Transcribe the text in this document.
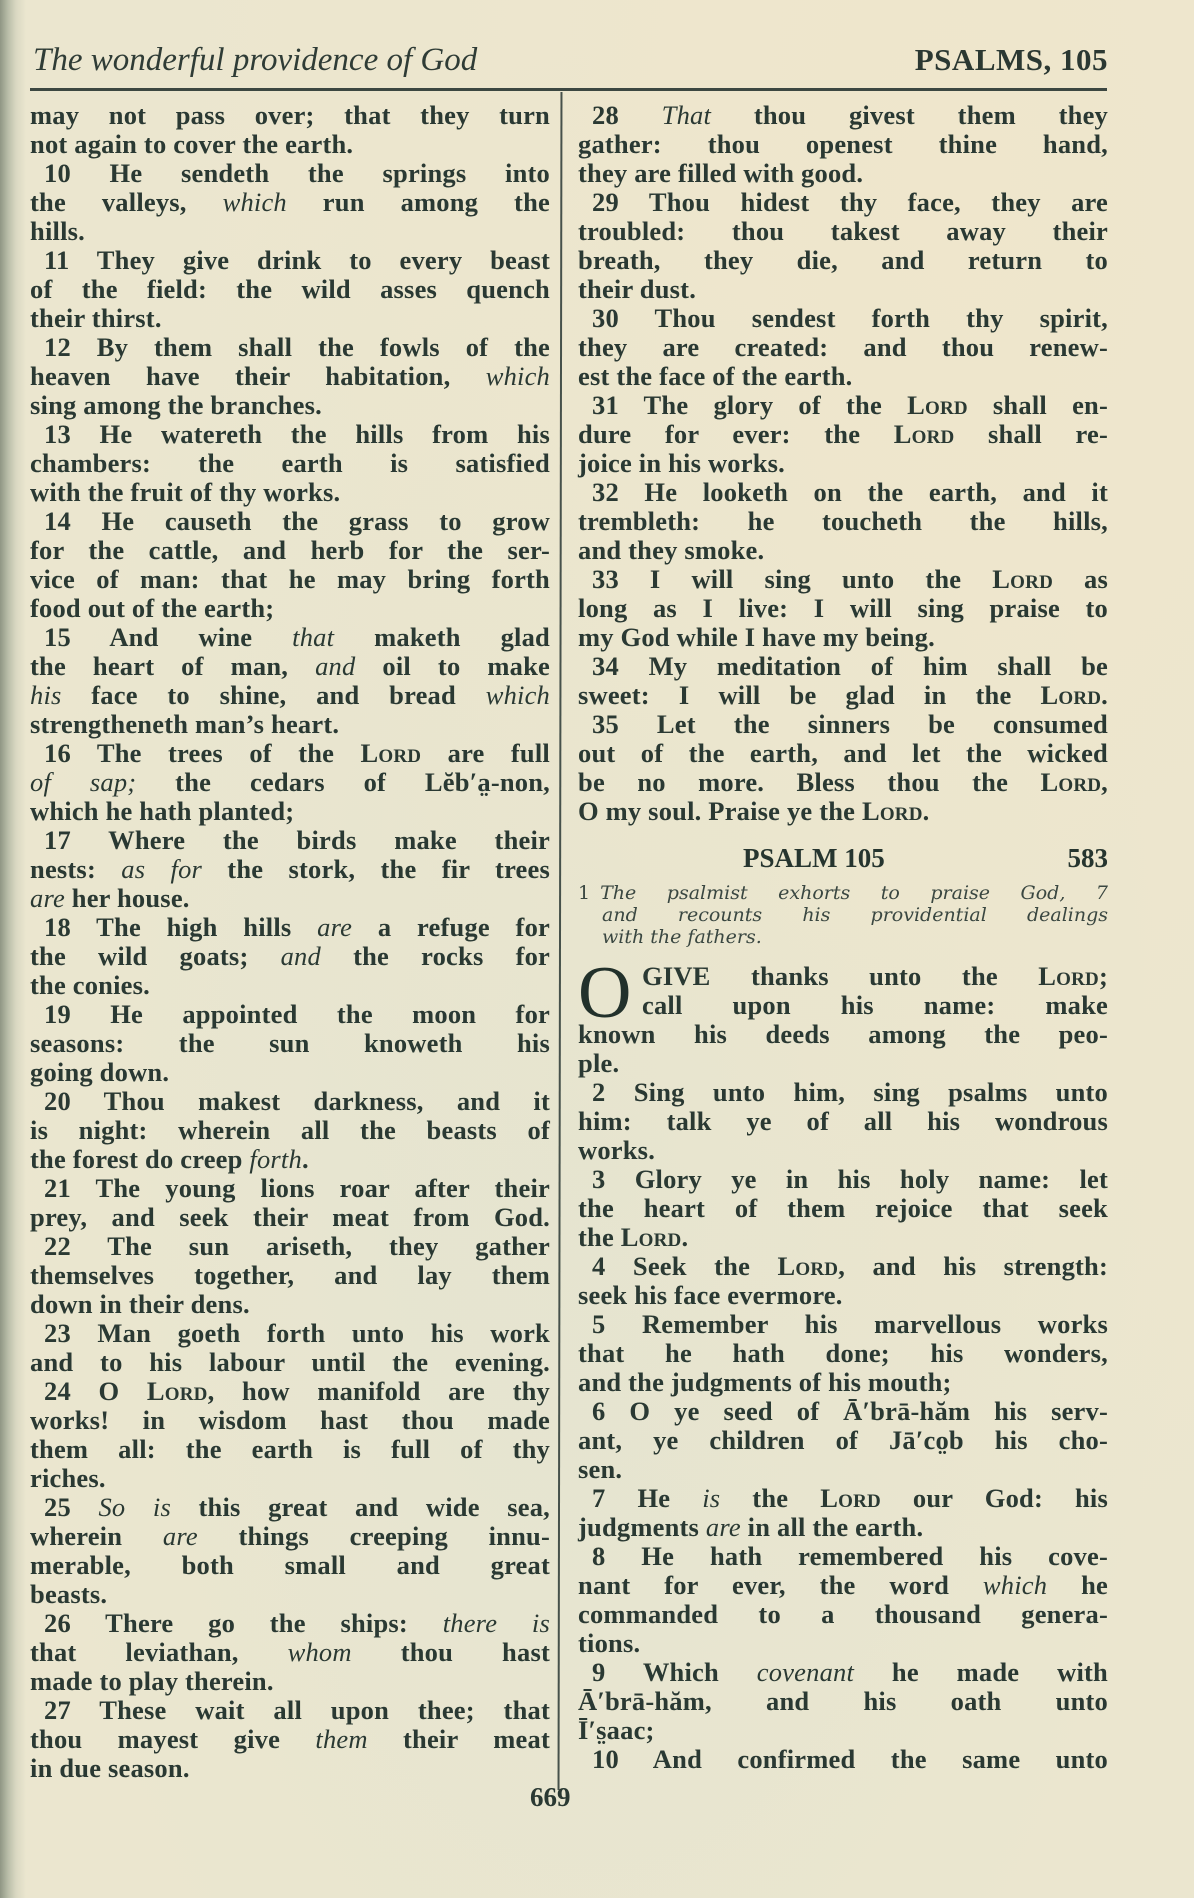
The wonderful providence of God	PSALMS, 105
may not pass over; that they turn
not again to cover the earth.
10 He sendeth the springs into
the valleys, which run among the
hills.
11 They give drink to every beast
of the field: the wild asses quench
their thirst.
12 By them shall the fowls of the
heaven have their habitation, which
sing among the branches.
13 He watereth the hills from his
chambers: the earth is satisfied
with the fruit of thy works.
14 He causeth the grass to grow
for the cattle, and herb for the ser-
vice of man: that he may bring forth
food out of the earth;
15 And wine that maketh glad
the heart of man, and oil to make
his face to shine, and bread which
strengtheneth man’s heart.
16 The trees of the Lord are full
of sap; the cedars of Lĕb′a̤-non,
which he hath planted;
17 Where the birds make their
nests: as for the stork, the fir trees
are her house.
18 The high hills are a refuge for
the wild goats; and the rocks for
the conies.
19 He appointed the moon for
seasons: the sun knoweth his
going down.
20 Thou makest darkness, and it
is night: wherein all the beasts of
the forest do creep forth.
21 The young lions roar after their
prey, and seek their meat from God.
22 The sun ariseth, they gather
themselves together, and lay them
down in their dens.
23 Man goeth forth unto his work
and to his labour until the evening.
24 O Lord, how manifold are thy
works! in wisdom hast thou made
them all: the earth is full of thy
riches.
25 So is this great and wide sea,
wherein are things creeping innu-
merable, both small and great
beasts.
26 There go the ships: there is
that leviathan, whom thou hast
made to play therein.
27 These wait all upon thee; that
thou mayest give them their meat
in due season.
28 That thou givest them they
gather: thou openest thine hand,
they are filled with good.
29 Thou hidest thy face, they are
troubled: thou takest away their
breath, they die, and return to
their dust.
30 Thou sendest forth thy spirit,
they are created: and thou renew-
est the face of the earth.
31 The glory of the Lord shall en-
dure for ever: the Lord shall re-
joice in his works.
32 He looketh on the earth, and it
trembleth: he toucheth the hills,
and they smoke.
33 I will sing unto the Lord as
long as I live: I will sing praise to
my God while I have my being.
34 My meditation of him shall be
sweet: I will be glad in the Lord.
35 Let the sinners be consumed
out of the earth, and let the wicked
be no more. Bless thou the Lord,
O my soul. Praise ye the Lord.
PSALM 105	583
1 The psalmist exhorts to praise God, 7
and recounts his providential dealings
with the fathers.
O GIVE thanks unto the Lord;
call upon his name: make
known his deeds among the peo-
ple.
2 Sing unto him, sing psalms unto
him: talk ye of all his wondrous
works.
3 Glory ye in his holy name: let
the heart of them rejoice that seek
the Lord.
4 Seek the Lord, and his strength:
seek his face evermore.
5 Remember his marvellous works
that he hath done; his wonders,
and the judgments of his mouth;
6 O ye seed of Ā′brā-hăm his serv-
ant, ye children of Jā′co̤b his cho-
sen.
7 He is the Lord our God: his
judgments are in all the earth.
8 He hath remembered his cove-
nant for ever, the word which he
commanded to a thousand genera-
tions.
9 Which covenant he made with
Ā′brā-hăm, and his oath unto
Ī′s̤aac;
10 And confirmed the same unto
669
